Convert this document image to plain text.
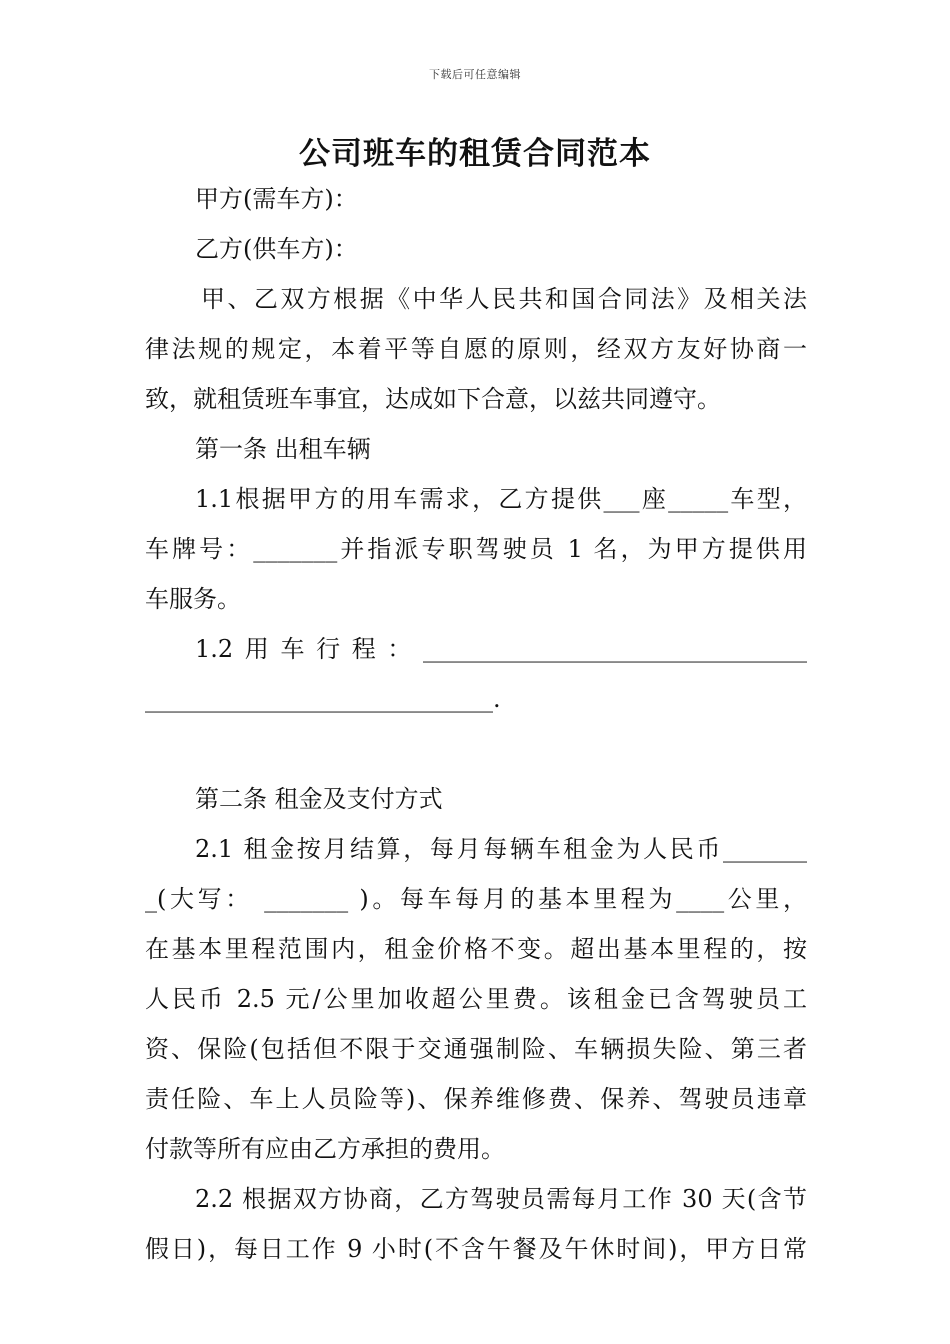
下载后可任意编辑
公司班车的租赁合同范本
甲方(需车方)：
乙方(供车方)：
甲、乙双方根据《中华人民共和国合同法》及相关法
律法规的规定，本着平等自愿的原则，经双方友好协商一
致，就租赁班车事宜，达成如下合意，以兹共同遵守。
第一条 出租车辆
1.1根据甲方的用车需求，乙方提供___座_____车型，
车牌号：_______并指派专职驾驶员 1 名，为甲方提供用
车服务。
1.2用车行程：________________________________
_____________________________.
第二条 租金及支付方式
2.1 租金按月结算，每月每辆车租金为人民币_______
_(大写： _______ )。每车每月的基本里程为____公里，
在基本里程范围内，租金价格不变。超出基本里程的，按
人民币 2.5 元/公里加收超公里费。该租金已含驾驶员工
资、保险(包括但不限于交通强制险、车辆损失险、第三者
责任险、车上人员险等)、保养维修费、保养、驾驶员违章
付款等所有应由乙方承担的费用。
2.2 根据双方协商，乙方驾驶员需每月工作 30 天(含节
假日)，每日工作 9 小时(不含午餐及午休时间)，甲方日常
